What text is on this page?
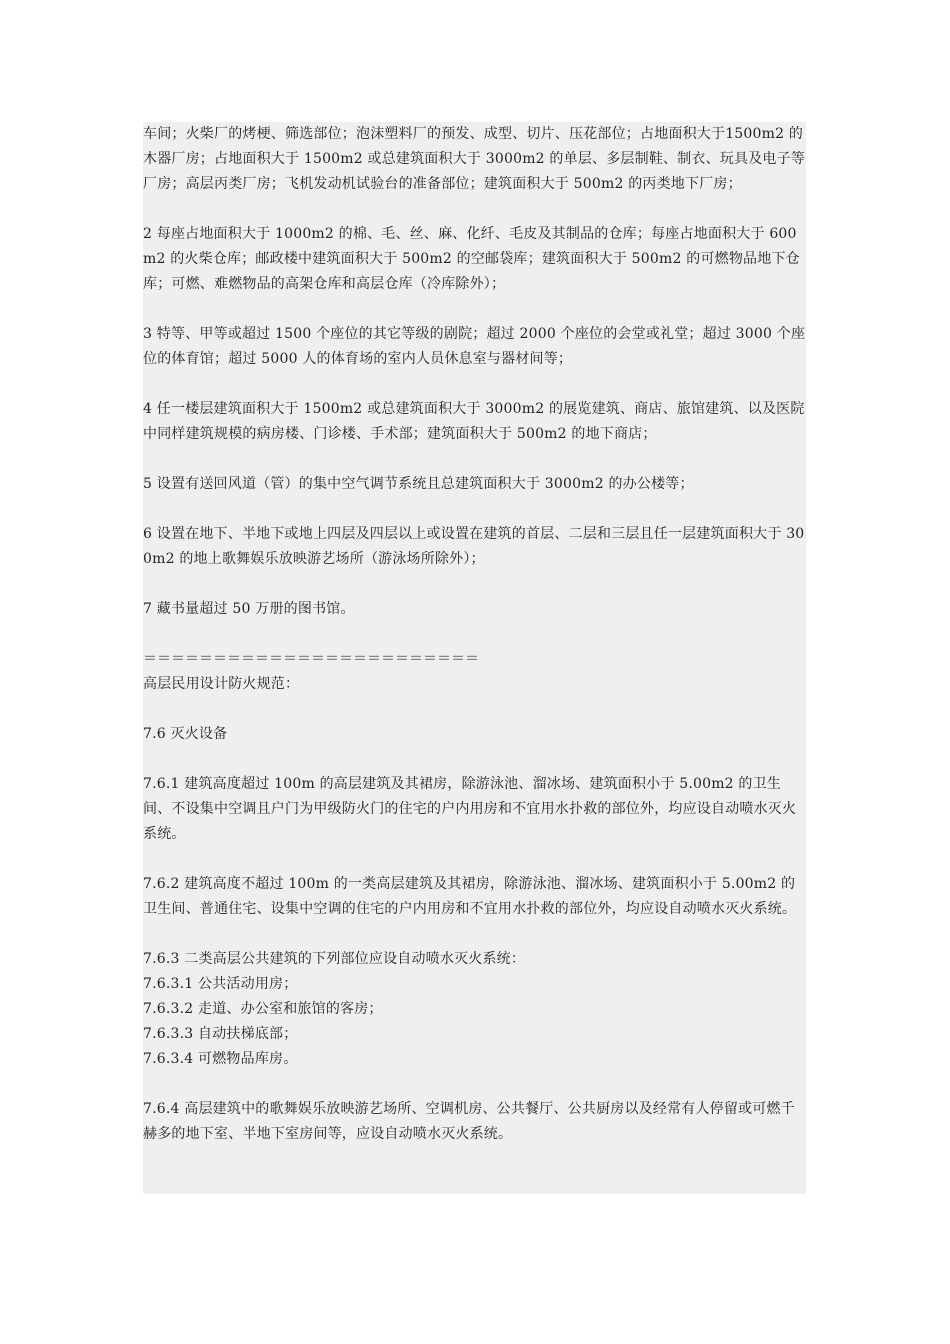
车间；火柴厂的烤梗、筛选部位；泡沫塑料厂的预发、成型、切片、压花部位；占地面积大于1500m2 的木器厂房；占地面积大于 1500m2 或总建筑面积大于 3000m2 的单层、多层制鞋、制衣、玩具及电子等厂房；高层丙类厂房；飞机发动机试验台的准备部位；建筑面积大于 500m2 的丙类地下厂房；

2 每座占地面积大于 1000m2 的棉、毛、丝、麻、化纤、毛皮及其制品的仓库；每座占地面积大于 600m2 的火柴仓库；邮政楼中建筑面积大于 500m2 的空邮袋库；建筑面积大于 500m2 的可燃物品地下仓库；可燃、难燃物品的高架仓库和高层仓库（冷库除外）；

3 特等、甲等或超过 1500 个座位的其它等级的剧院；超过 2000 个座位的会堂或礼堂；超过 3000 个座位的体育馆；超过 5000 人的体育场的室内人员休息室与器材间等；

4 任一楼层建筑面积大于 1500m2 或总建筑面积大于 3000m2 的展览建筑、商店、旅馆建筑、以及医院中同样建筑规模的病房楼、门诊楼、手术部；建筑面积大于 500m2 的地下商店；

5 设置有送回风道（管）的集中空气调节系统且总建筑面积大于 3000m2 的办公楼等；

6 设置在地下、半地下或地上四层及四层以上或设置在建筑的首层、二层和三层且任一层建筑面积大于 300m2 的地上歌舞娱乐放映游艺场所（游泳场所除外）；

7 藏书量超过 50 万册的图书馆。

＝＝＝＝＝＝＝＝＝＝＝＝＝＝＝＝＝＝＝＝＝＝＝＝

高层民用设计防火规范：

7.6 灭火设备

7.6.1 建筑高度超过 100m 的高层建筑及其裙房，除游泳池、溜冰场、建筑面积小于 5.00m2 的卫生间、不设集中空调且户门为甲级防火门的住宅的户内用房和不宜用水扑救的部位外，均应设自动喷水灭火系统。

7.6.2 建筑高度不超过 100m 的一类高层建筑及其裙房，除游泳池、溜冰场、建筑面积小于 5.00m2 的卫生间、普通住宅、设集中空调的住宅的户内用房和不宜用水扑救的部位外，均应设自动喷水灭火系统。

7.6.3 二类高层公共建筑的下列部位应设自动喷水灭火系统：

7.6.3.1 公共活动用房；

7.6.3.2 走道、办公室和旅馆的客房；

7.6.3.3 自动扶梯底部；

7.6.3.4 可燃物品库房。

7.6.4 高层建筑中的歌舞娱乐放映游艺场所、空调机房、公共餐厅、公共厨房以及经常有人停留或可燃千赫多的地下室、半地下室房间等，应设自动喷水灭火系统。
